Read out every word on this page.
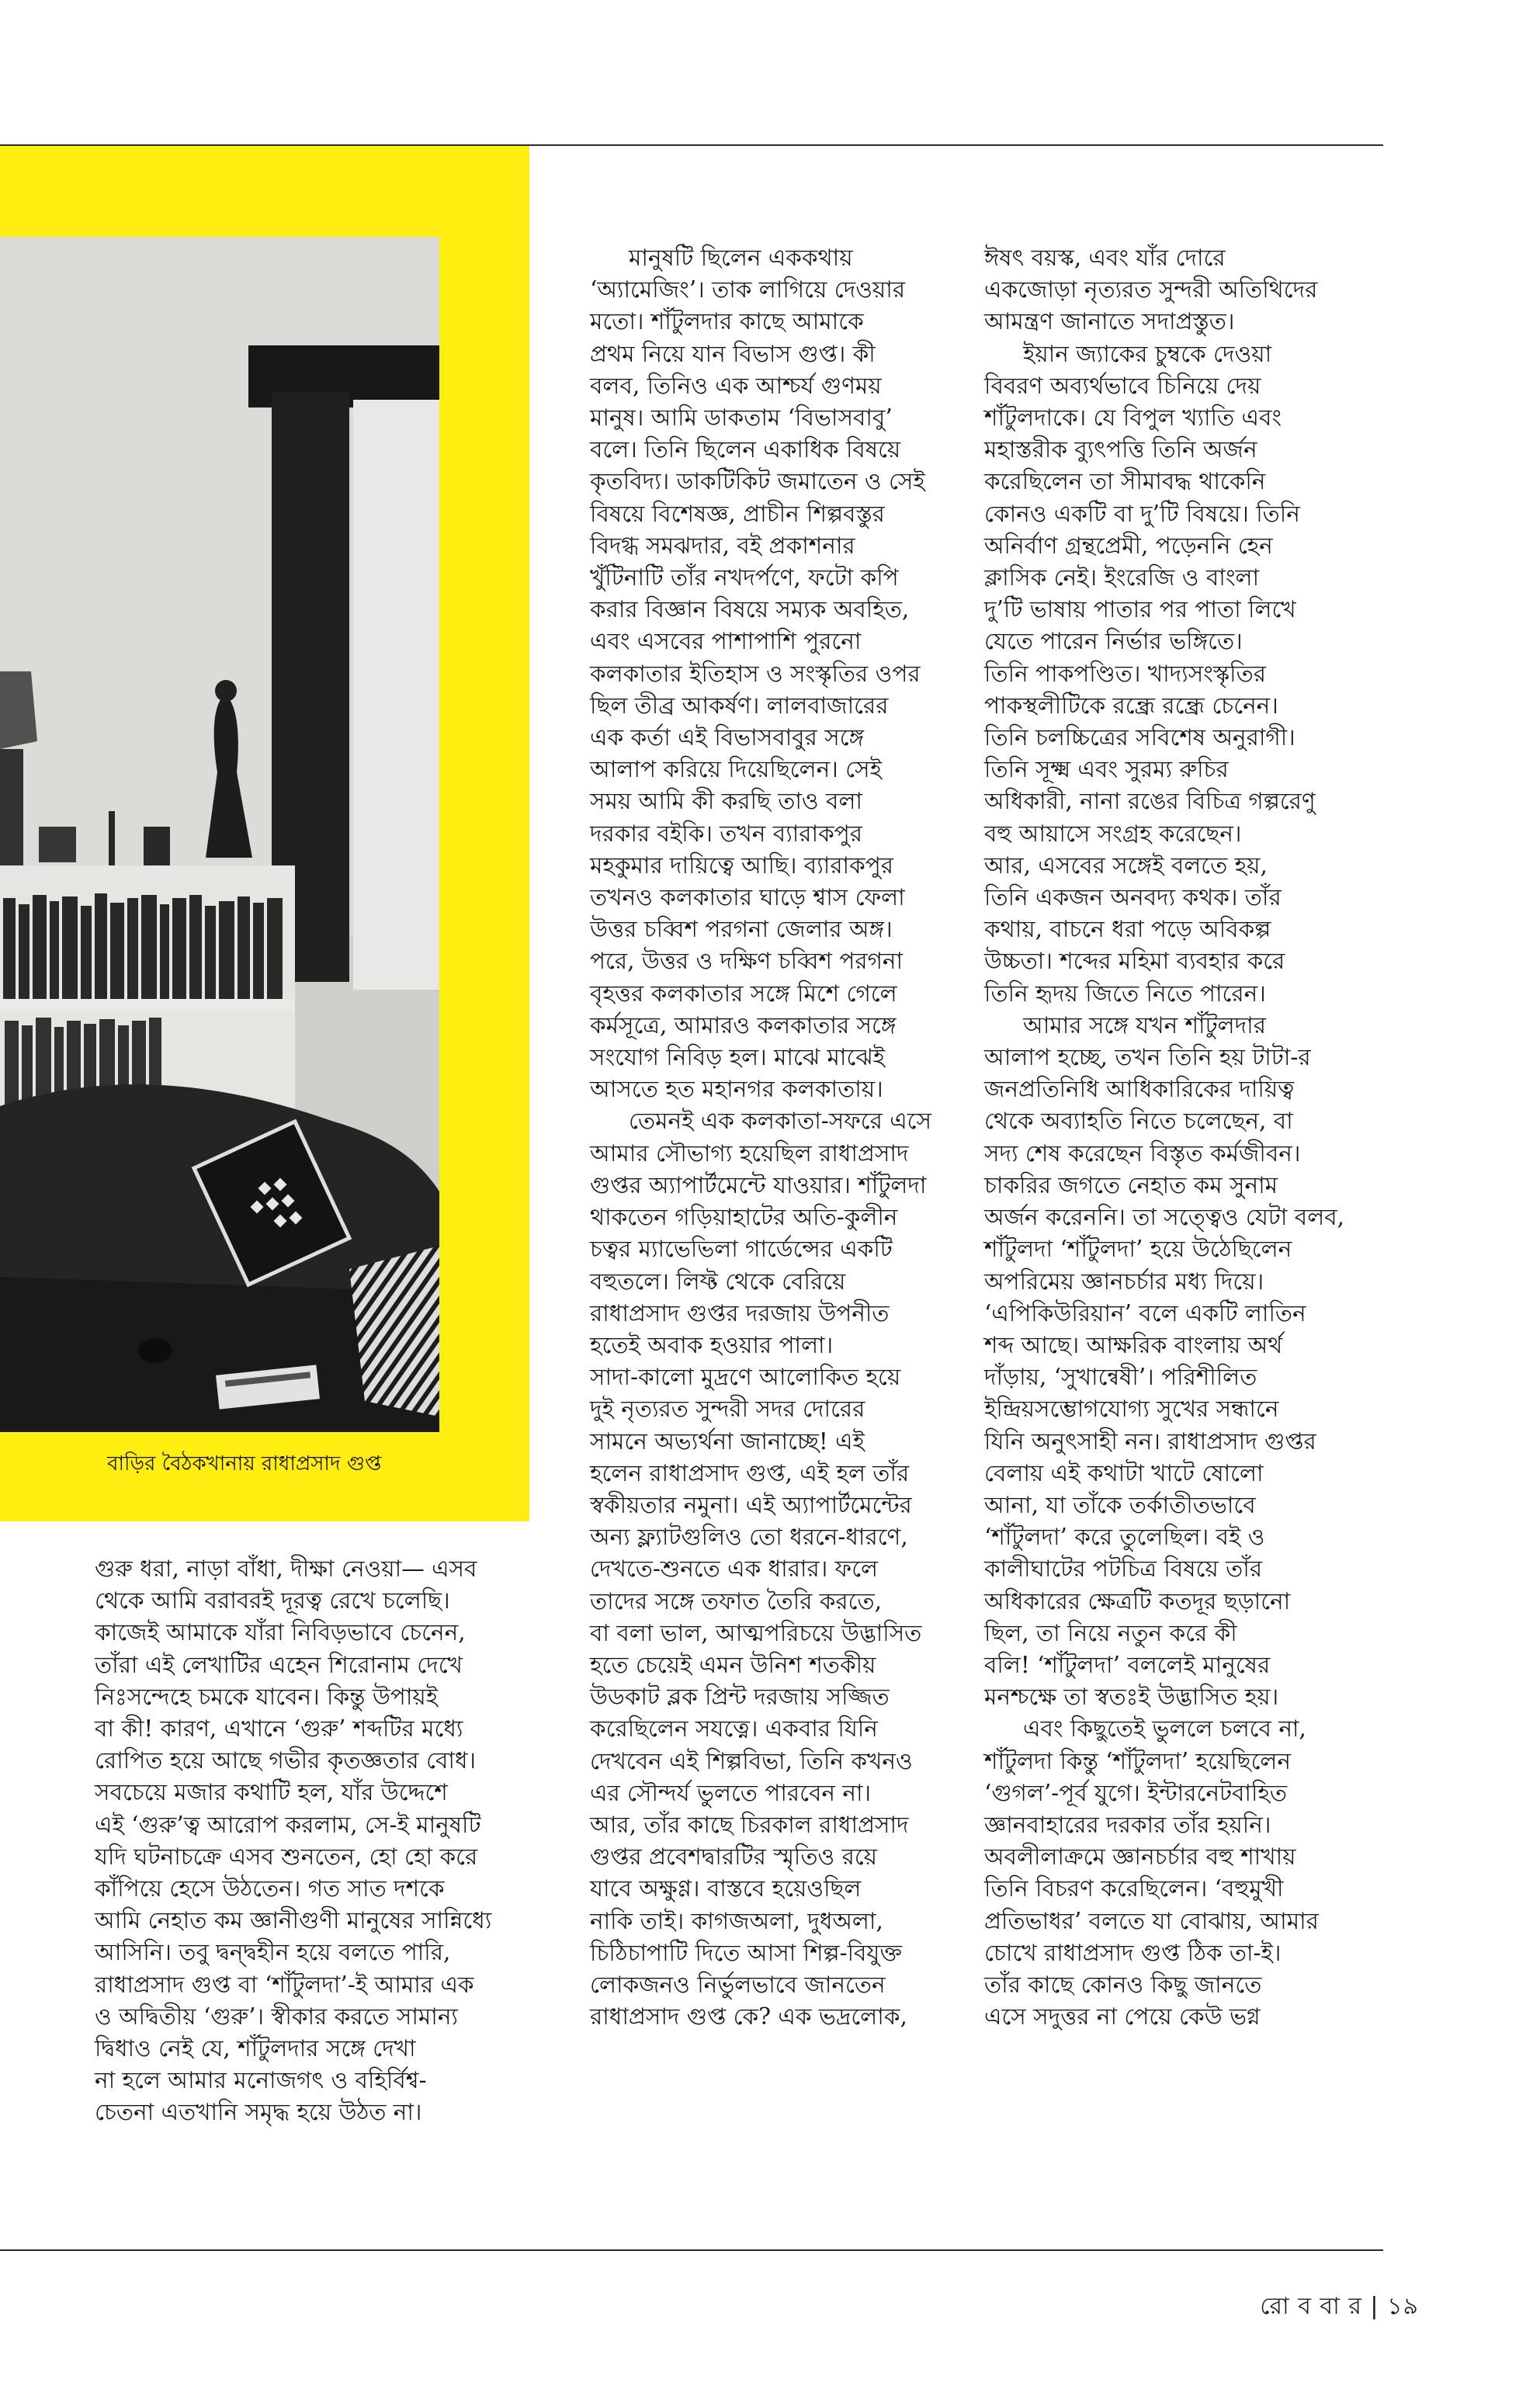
বাড়ির বৈঠকখানায় রাধাপ্রসাদ গুপ্ত

গুরু ধরা, নাড়া বাঁধা, দীক্ষা নেওয়া— এসব
থেকে আমি বরাবরই দূরত্ব রেখে চলেছি।
কাজেই আমাকে যাঁরা নিবিড়ভাবে চেনেন,
তাঁরা এই লেখাটির এহেন শিরোনাম দেখে
নিঃসন্দেহে চমকে যাবেন। কিন্তু উপায়ই
বা কী! কারণ, এখানে ‘গুরু’ শব্দটির মধ্যে
রোপিত হয়ে আছে গভীর কৃতজ্ঞতার বোধ।
সবচেয়ে মজার কথাটি হল, যাঁর উদ্দেশে
এই ‘গুরু’ত্ব আরোপ করলাম, সে-ই মানুষটি
যদি ঘটনাচক্রে এসব শুনতেন, হো হো করে
কাঁপিয়ে হেসে উঠতেন। গত সাত দশকে
আমি নেহাত কম জ্ঞানীগুণী মানুষের সান্নিধ্যে
আসিনি। তবু দ্বন্দ্বহীন হয়ে বলতে পারি,
রাধাপ্রসাদ গুপ্ত বা ‘শাঁটুলদা’-ই আমার এক
ও অদ্বিতীয় ‘গুরু’। স্বীকার করতে সামান্য
দ্বিধাও নেই যে, শাঁটুলদার সঙ্গে দেখা
না হলে আমার মনোজগৎ ও বহির্বিশ্ব-
চেতনা এতখানি সমৃদ্ধ হয়ে উঠত না।

মানুষটি ছিলেন এককথায়
‘অ্যামেজিং’। তাক লাগিয়ে দেওয়ার
মতো। শাঁটুলদার কাছে আমাকে
প্রথম নিয়ে যান বিভাস গুপ্ত। কী
বলব, তিনিও এক আশ্চর্য গুণময়
মানুষ। আমি ডাকতাম ‘বিভাসবাবু’
বলে। তিনি ছিলেন একাধিক বিষয়ে
কৃতবিদ্য। ডাকটিকিট জমাতেন ও সেই
বিষয়ে বিশেষজ্ঞ, প্রাচীন শিল্পবস্তুর
বিদগ্ধ সমঝদার, বই প্রকাশনার
খুঁটিনাটি তাঁর নখদর্পণে, ফটো কপি
করার বিজ্ঞান বিষয়ে সম্যক অবহিত,
এবং এসবের পাশাপাশি পুরনো
কলকাতার ইতিহাস ও সংস্কৃতির ওপর
ছিল তীব্র আকর্ষণ। লালবাজারের
এক কর্তা এই বিভাসবাবুর সঙ্গে
আলাপ করিয়ে দিয়েছিলেন। সেই
সময় আমি কী করছি তাও বলা
দরকার বইকি। তখন ব্যারাকপুর
মহকুমার দায়িত্বে আছি। ব্যারাকপুর
তখনও কলকাতার ঘাড়ে শ্বাস ফেলা
উত্তর চব্বিশ পরগনা জেলার অঙ্গ।
পরে, উত্তর ও দক্ষিণ চব্বিশ পরগনা
বৃহত্তর কলকাতার সঙ্গে মিশে গেলে
কর্মসূত্রে, আমারও কলকাতার সঙ্গে
সংযোগ নিবিড় হল। মাঝে মাঝেই
আসতে হত মহানগর কলকাতায়।

তেমনই এক কলকাতা-সফরে এসে
আমার সৌভাগ্য হয়েছিল রাধাপ্রসাদ
গুপ্তর অ্যাপার্টমেন্টে যাওয়ার। শাঁটুলদা
থাকতেন গড়িয়াহাটের অতি-কুলীন
চত্বর ম্যাভেভিলা গার্ডেন্সের একটি
বহুতলে। লিফ্ট থেকে বেরিয়ে
রাধাপ্রসাদ গুপ্তর দরজায় উপনীত
হতেই অবাক হওয়ার পালা।
সাদা-কালো মুদ্রণে আলোকিত হয়ে
দুই নৃত্যরত সুন্দরী সদর দোরের
সামনে অভ্যর্থনা জানাচ্ছে! এই
হলেন রাধাপ্রসাদ গুপ্ত, এই হল তাঁর
স্বকীয়তার নমুনা। এই অ্যাপার্টমেন্টের
অন্য ফ্ল্যাটগুলিও তো ধরনে-ধারণে,
দেখতে-শুনতে এক ধারার। ফলে
তাদের সঙ্গে তফাত তৈরি করতে,
বা বলা ভাল, আত্মপরিচয়ে উদ্ভাসিত
হতে চেয়েই এমন উনিশ শতকীয়
উডকাট ব্লক প্রিন্ট দরজায় সজ্জিত
করেছিলেন সযত্নে। একবার যিনি
দেখবেন এই শিল্পবিভা, তিনি কখনও
এর সৌন্দর্য ভুলতে পারবেন না।
আর, তাঁর কাছে চিরকাল রাধাপ্রসাদ
গুপ্তর প্রবেশদ্বারটির স্মৃতিও রয়ে
যাবে অক্ষুণ্ণ। বাস্তবে হয়েওছিল
নাকি তাই। কাগজঅলা, দুধঅলা,
চিঠিচাপাটি দিতে আসা শিল্প-বিযুক্ত
লোকজনও নির্ভুলভাবে জানতেন
রাধাপ্রসাদ গুপ্ত কে? এক ভদ্রলোক,

ঈষৎ বয়স্ক, এবং যাঁর দোরে
একজোড়া নৃত্যরত সুন্দরী অতিথিদের
আমন্ত্রণ জানাতে সদাপ্রস্তুত।

ইয়ান জ্যাকের চুম্বকে দেওয়া
বিবরণ অব্যর্থভাবে চিনিয়ে দেয়
শাঁটুলদাকে। যে বিপুল খ্যাতি এবং
মহাস্তরীক ব্যুৎপত্তি তিনি অর্জন
করেছিলেন তা সীমাবদ্ধ থাকেনি
কোনও একটি বা দু’টি বিষয়ে। তিনি
অনির্বাণ গ্রন্থপ্রেমী, পড়েননি হেন
ক্লাসিক নেই। ইংরেজি ও বাংলা
দু’টি ভাষায় পাতার পর পাতা লিখে
যেতে পারেন নির্ভার ভঙ্গিতে।
তিনি পাকপণ্ডিত। খাদ্যসংস্কৃতির
পাকস্থলীটিকে রন্ধ্রে রন্ধ্রে চেনেন।
তিনি চলচ্চিত্রের সবিশেষ অনুরাগী।
তিনি সূক্ষ্ম এবং সুরম্য রুচির
অধিকারী, নানা রঙের বিচিত্র গল্পরেণু
বহু আয়াসে সংগ্রহ করেছেন।
আর, এসবের সঙ্গেই বলতে হয়,
তিনি একজন অনবদ্য কথক। তাঁর
কথায়, বাচনে ধরা পড়ে অবিকল্প
উচ্চতা। শব্দের মহিমা ব্যবহার করে
তিনি হৃদয় জিতে নিতে পারেন।

আমার সঙ্গে যখন শাঁটুলদার
আলাপ হচ্ছে, তখন তিনি হয় টাটা-র
জনপ্রতিনিধি আধিকারিকের দায়িত্ব
থেকে অব্যাহতি নিতে চলেছেন, বা
সদ্য শেষ করেছেন বিস্তৃত কর্মজীবন।
চাকরির জগতে নেহাত কম সুনাম
অর্জন করেননি। তা সত্ত্বেও যেটা বলব,
শাঁটুলদা ‘শাঁটুলদা’ হয়ে উঠেছিলেন
অপরিমেয় জ্ঞানচর্চার মধ্য দিয়ে।
‘এপিকিউরিয়ান’ বলে একটি লাতিন
শব্দ আছে। আক্ষরিক বাংলায় অর্থ
দাঁড়ায়, ‘সুখান্বেষী’। পরিশীলিত
ইন্দ্রিয়সম্ভোগযোগ্য সুখের সন্ধানে
যিনি অনুৎসাহী নন। রাধাপ্রসাদ গুপ্তর
বেলায় এই কথাটা খাটে ষোলো
আনা, যা তাঁকে তর্কাতীতভাবে
‘শাঁটুলদা’ করে তুলেছিল। বই ও
কালীঘাটের পটচিত্র বিষয়ে তাঁর
অধিকারের ক্ষেত্রটি কতদূর ছড়ানো
ছিল, তা নিয়ে নতুন করে কী
বলি! ‘শাঁটুলদা’ বললেই মানুষের
মনশ্চক্ষে তা স্বতঃই উদ্ভাসিত হয়।

এবং কিছুতেই ভুললে চলবে না,
শাঁটুলদা কিন্তু ‘শাঁটুলদা’ হয়েছিলেন
‘গুগল’-পূর্ব যুগে। ইন্টারনেটবাহিত
জ্ঞানবাহারের দরকার তাঁর হয়নি।
অবলীলাক্রমে জ্ঞানচর্চার বহু শাখায়
তিনি বিচরণ করেছিলেন। ‘বহুমুখী
প্রতিভাধর’ বলতে যা বোঝায়, আমার
চোখে রাধাপ্রসাদ গুপ্ত ঠিক তা-ই।
তাঁর কাছে কোনও কিছু জানতে
এসে সদুত্তর না পেয়ে কেউ ভগ্ন

রো ব বা র | ১৯
